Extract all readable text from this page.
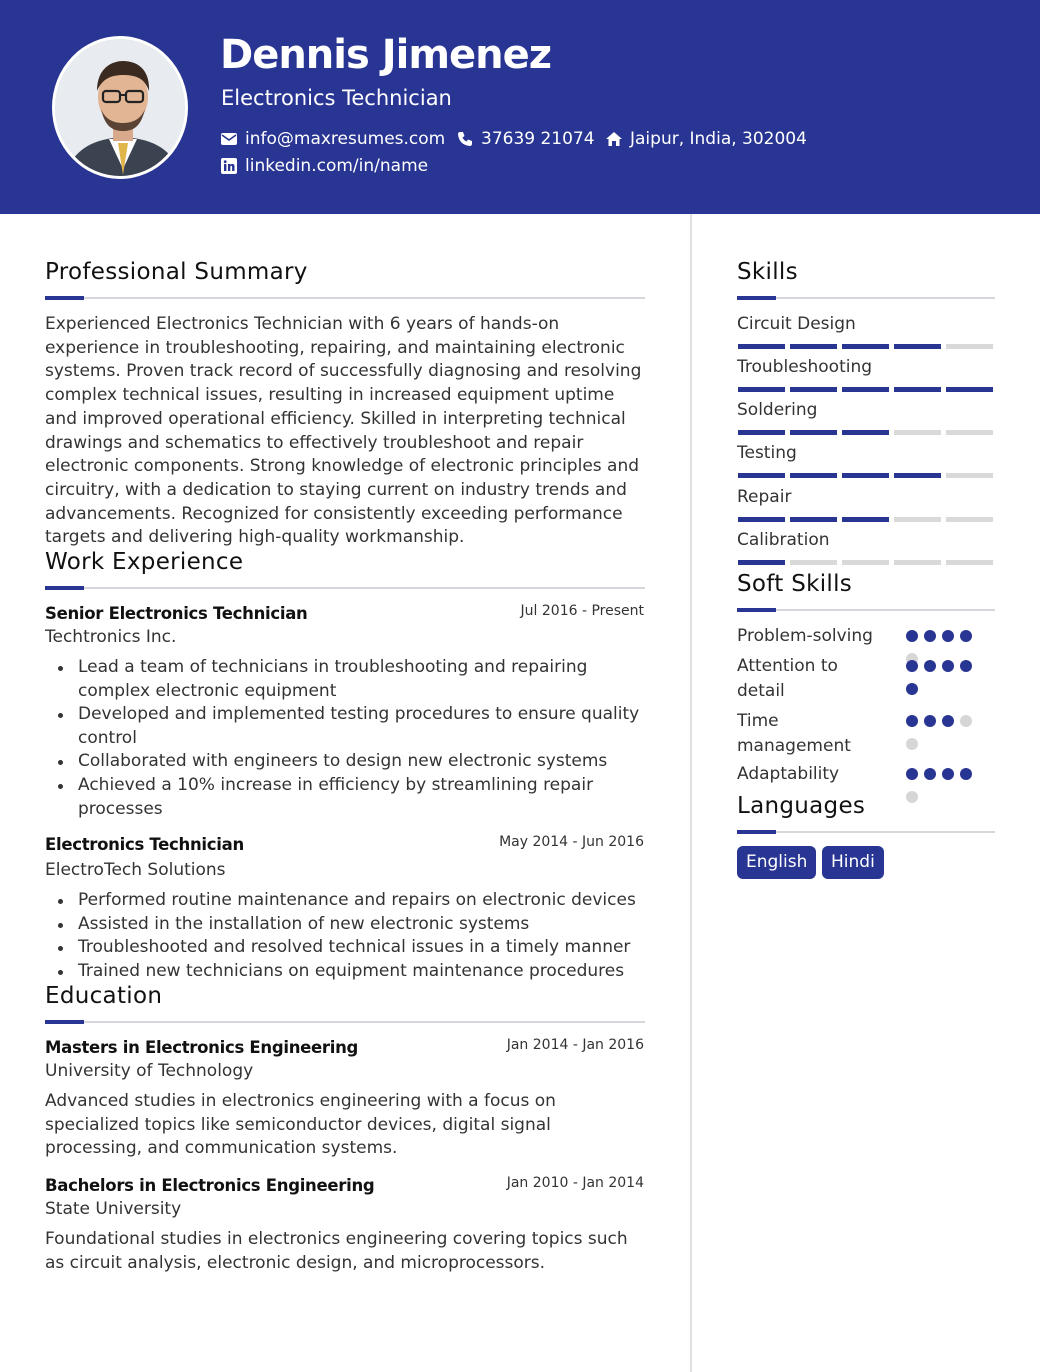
Dennis Jimenez
Electronics Technician
info@maxresumes.com 37639 21074 Jaipur, India, 302004
linkedin.com/in/name
Professional Summary
Experienced Electronics Technician with 6 years of hands-on experience in troubleshooting, repairing, and maintaining electronic systems. Proven track record of successfully diagnosing and resolving complex technical issues, resulting in increased equipment uptime and improved operational efficiency. Skilled in interpreting technical drawings and schematics to effectively troubleshoot and repair electronic components. Strong knowledge of electronic principles and circuitry, with a dedication to staying current on industry trends and advancements. Recognized for consistently exceeding performance targets and delivering high-quality workmanship.
Work Experience
Senior Electronics Technician	Jul 2016 - Present
Techtronics Inc.
Lead a team of technicians in troubleshooting and repairing complex electronic equipment
Developed and implemented testing procedures to ensure quality control
Collaborated with engineers to design new electronic systems
Achieved a 10% increase in efficiency by streamlining repair processes
Electronics Technician	May 2014 - Jun 2016
ElectroTech Solutions
Performed routine maintenance and repairs on electronic devices
Assisted in the installation of new electronic systems
Troubleshooted and resolved technical issues in a timely manner
Trained new technicians on equipment maintenance procedures
Education
Masters in Electronics Engineering	Jan 2014 - Jan 2016
University of Technology
Advanced studies in electronics engineering with a focus on specialized topics like semiconductor devices, digital signal processing, and communication systems.
Bachelors in Electronics Engineering	Jan 2010 - Jan 2014
State University
Foundational studies in electronics engineering covering topics such as circuit analysis, electronic design, and microprocessors.
Skills
Circuit Design
Troubleshooting
Soldering
Testing
Repair
Calibration
Soft Skills
Problem-solving
Attention to detail
Time management
Adaptability
Languages
English	Hindi
